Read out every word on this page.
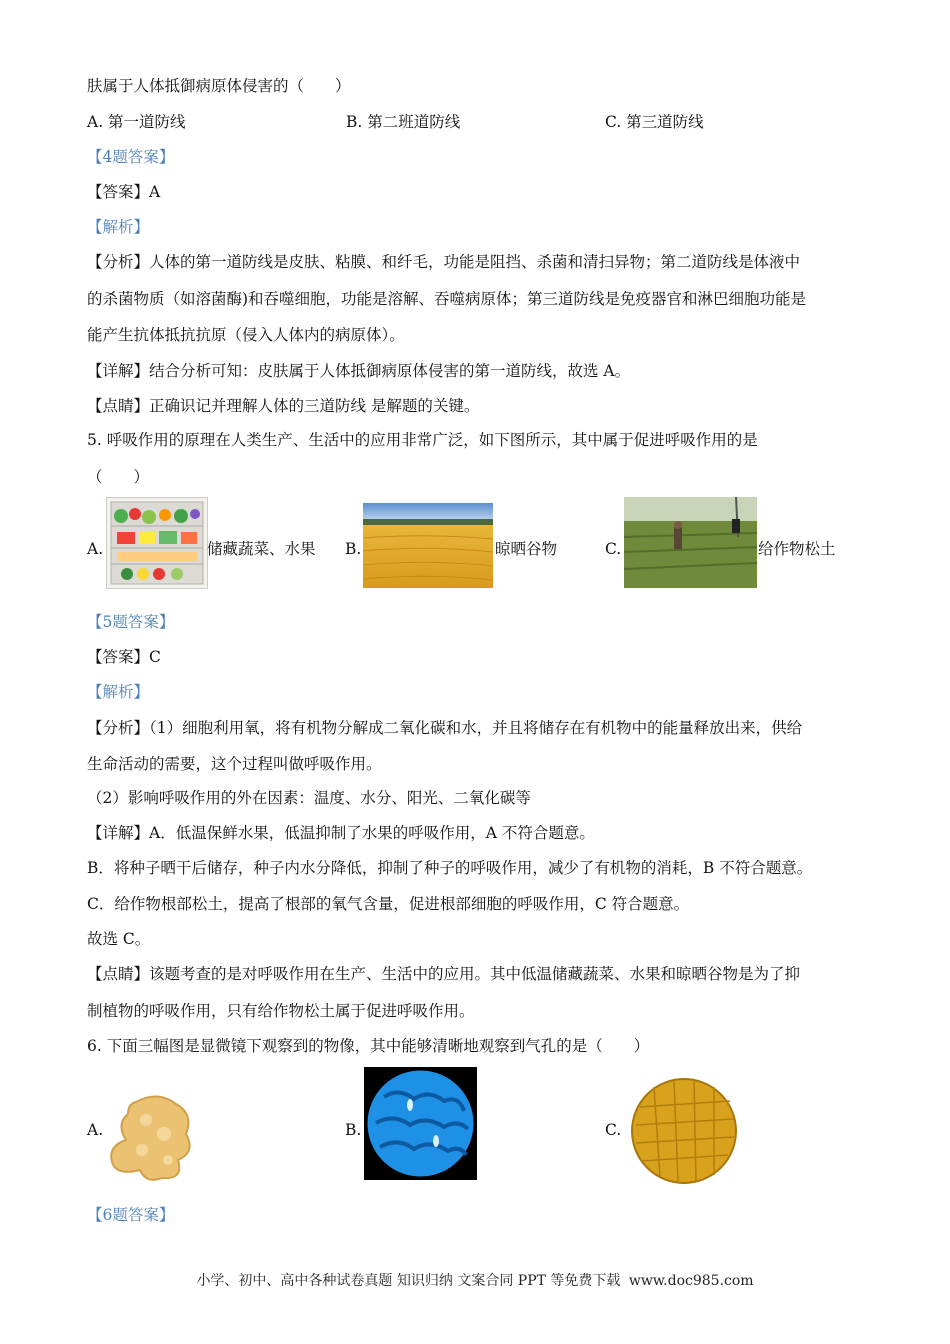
肤属于人体抵御病原体侵害的（　　）
A. 第一道防线	B. 第二班道防线	C. 第三道防线
【4题答案】
【答案】A
【解析】
【分析】人体的第一道防线是皮肤、粘膜、和纤毛，功能是阻挡、杀菌和清扫异物；第二道防线是体液中
的杀菌物质（如溶菌酶)和吞噬细胞，功能是溶解、吞噬病原体；第三道防线是免疫器官和淋巴细胞功能是
能产生抗体抵抗抗原（侵入人体内的病原体）。
【详解】结合分析可知：皮肤属于人体抵御病原体侵害的第一道防线，故选 A。
【点睛】正确识记并理解人体的三道防线 是解题的关键。
5. 呼吸作用的原理在人类生产、生活中的应用非常广泛，如下图所示，其中属于促进呼吸作用的是
（　　）
A.	储藏蔬菜、水果 B.	晾晒谷物	C.	给作物松土
【5题答案】
【答案】C
【解析】
【分析】（1）细胞利用氧，将有机物分解成二氧化碳和水，并且将储存在有机物中的能量释放出来，供给
生命活动的需要，这个过程叫做呼吸作用。
（2）影响呼吸作用的外在因素：温度、水分、阳光、二氧化碳等
【详解】A．低温保鲜水果，低温抑制了水果的呼吸作用，A 不符合题意。
B．将种子晒干后储存，种子内水分降低，抑制了种子的呼吸作用，减少了有机物的消耗，B 不符合题意。
C．给作物根部松土，提高了根部的氧气含量，促进根部细胞的呼吸作用，C 符合题意。
故选 C。
【点睛】该题考查的是对呼吸作用在生产、生活中的应用。其中低温储藏蔬菜、水果和晾晒谷物是为了抑
制植物的呼吸作用，只有给作物松土属于促进呼吸作用。
6. 下面三幅图是显微镜下观察到的物像，其中能够清晰地观察到气孔的是（　　）
A.	B.	C.
【6题答案】
小学、初中、高中各种试卷真题 知识归纳 文案合同 PPT 等免费下载 www.doc985.com
